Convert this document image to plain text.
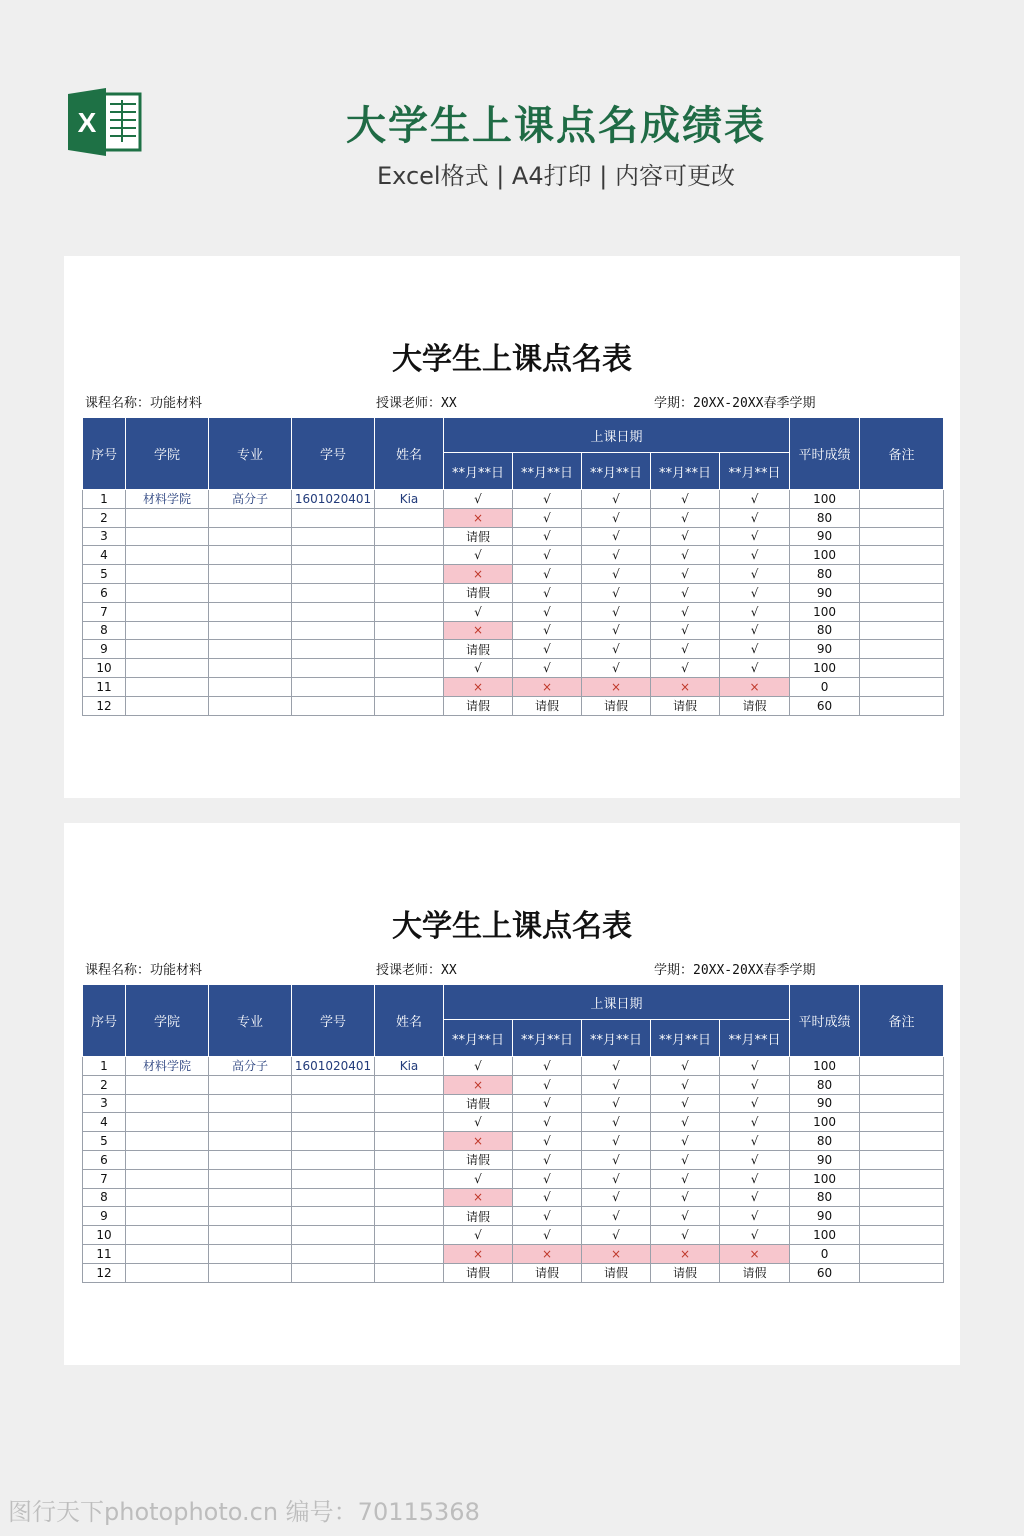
X	大学生上课点名成绩表
Excel格式 | A4打印 | 内容可更改
大学生上课点名表
课程名称：功能材料	授课老师：XX	学期：20XX-20XX春季学期
序号	学院	专业	学号	姓名	上课日期					平时成绩	备注
					**月**日	**月**日	**月**日	**月**日	**月**日		
1	材料学院	高分子	1601020401	Kia	√	√	√	√	√	100	
2					×	√	√	√	√	80	
3					请假	√	√	√	√	90	
4					√	√	√	√	√	100	
5					×	√	√	√	√	80	
6					请假	√	√	√	√	90	
7					√	√	√	√	√	100	
8					×	√	√	√	√	80	
9					请假	√	√	√	√	90	
10					√	√	√	√	√	100	
11					×	×	×	×	×	0	
12					请假	请假	请假	请假	请假	60	
大学生上课点名表
课程名称：功能材料	授课老师：XX	学期：20XX-20XX春季学期
序号	学院	专业	学号	姓名	上课日期					平时成绩	备注
					**月**日	**月**日	**月**日	**月**日	**月**日		
1	材料学院	高分子	1601020401	Kia	√	√	√	√	√	100	
2					×	√	√	√	√	80	
3					请假	√	√	√	√	90	
4					√	√	√	√	√	100	
5					×	√	√	√	√	80	
6					请假	√	√	√	√	90	
7					√	√	√	√	√	100	
8					×	√	√	√	√	80	
9					请假	√	√	√	√	90	
10					√	√	√	√	√	100	
11					×	×	×	×	×	0	
12					请假	请假	请假	请假	请假	60	
图行天下photophoto.cn 编号：70115368
